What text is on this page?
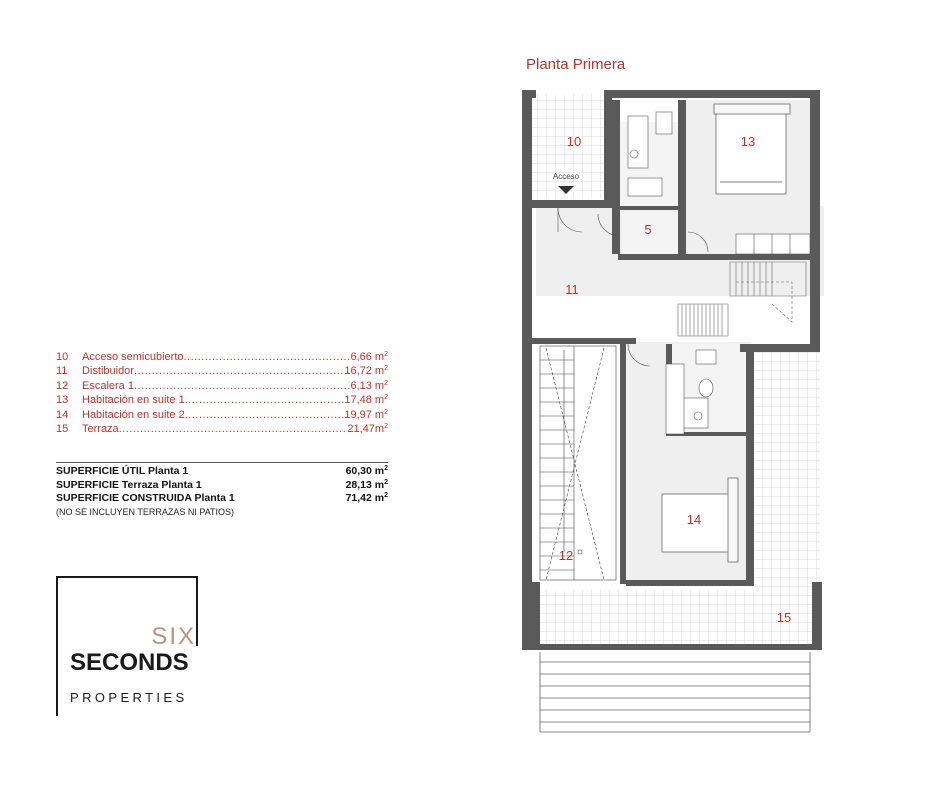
10	Acceso semicubierto .....	6,66 $m^2$
11	Distibuidor .....	16,72 $m^2$
12	Escalera 1 .....	6,13 $m^2$
13	Habitación en suite 1 .....	17,48 $m^2$
14	Habitación en suite 2 .....	19,97 $m^2$
15	Terraza .....	$21,47m^2$
SUPERFICIE ÚTIL Planta 1	60,30 $m^2$
SUPERFICIE Terraza Planta 1	28,13 $m^2$
SUPERFICIE CONSTRUIDA Planta 1	71,42 $m^2$
(NO SE INCLUYEN TERRAZAS NI PATIOS)
SIX
SECONDS
PROPERTIES
Planta Primera
Acceso
10
11
12
13
14
15
5
